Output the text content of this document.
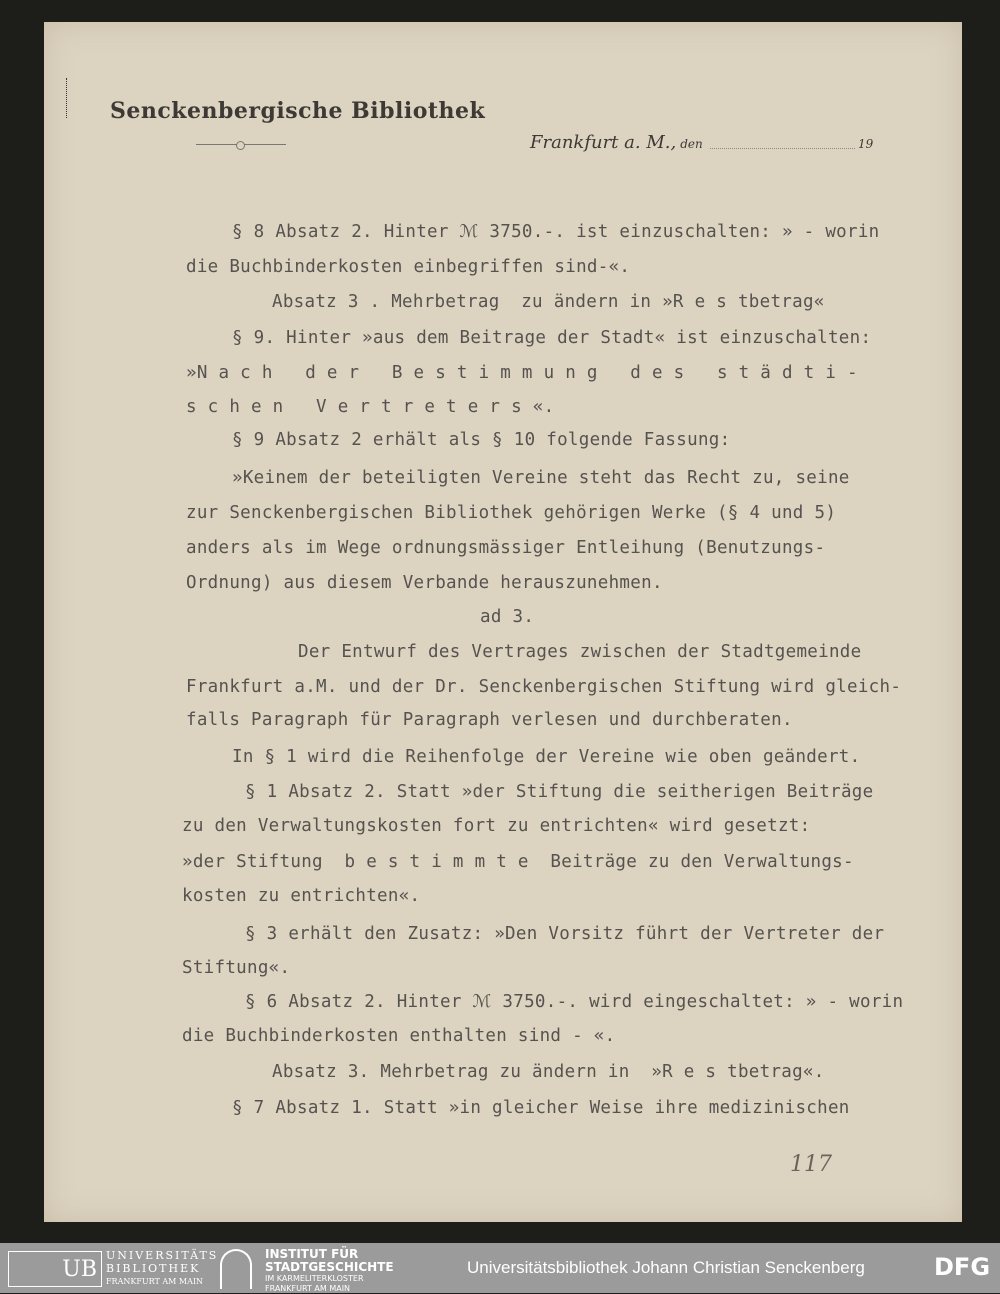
Senckenbergische Bibliothek
Frankfurt a. M., den	19
§ 8 Absatz 2. Hinter ℳ 3750.-. ist einzuschalten: » - worin
die Buchbinderkosten einbegriffen sind-«.
Absatz 3 . Mehrbetrag  zu ändern in »R e s tbetrag«
§ 9. Hinter »aus dem Beitrage der Stadt« ist einzuschalten:
»N a c h   d e r   B e s t i m m u n g   d e s   s t ä d t i -
s c h e n   V e r t r e t e r s «.
§ 9 Absatz 2 erhält als § 10 folgende Fassung:
»Keinem der beteiligten Vereine steht das Recht zu, seine
zur Senckenbergischen Bibliothek gehörigen Werke (§ 4 und 5)
anders als im Wege ordnungsmässiger Entleihung (Benutzungs-
Ordnung) aus diesem Verbande herauszunehmen.
ad 3.
Der Entwurf des Vertrages zwischen der Stadtgemeinde
Frankfurt a.M. und der Dr. Senckenbergischen Stiftung wird gleich-
falls Paragraph für Paragraph verlesen und durchberaten.
In § 1 wird die Reihenfolge der Vereine wie oben geändert.
§ 1 Absatz 2. Statt »der Stiftung die seitherigen Beiträge
zu den Verwaltungskosten fort zu entrichten« wird gesetzt:
»der Stiftung  b e s t i m m t e  Beiträge zu den Verwaltungs-
kosten zu entrichten«.
§ 3 erhält den Zusatz: »Den Vorsitz führt der Vertreter der
Stiftung«.
§ 6 Absatz 2. Hinter ℳ 3750.-. wird eingeschaltet: » - worin
die Buchbinderkosten enthalten sind - «.
Absatz 3. Mehrbetrag zu ändern in  »R e s tbetrag«.
§ 7 Absatz 1. Statt »in gleicher Weise ihre medizinischen
117
UB
UNIVERSITÄTS
BIBLIOTHEK
FRANKFURT AM MAIN
INSTITUT FÜR
STADTGESCHICHTE
IM KARMELITERKLOSTER
FRANKFURT AM MAIN
Universitätsbibliothek Johann Christian Senckenberg	DFG
